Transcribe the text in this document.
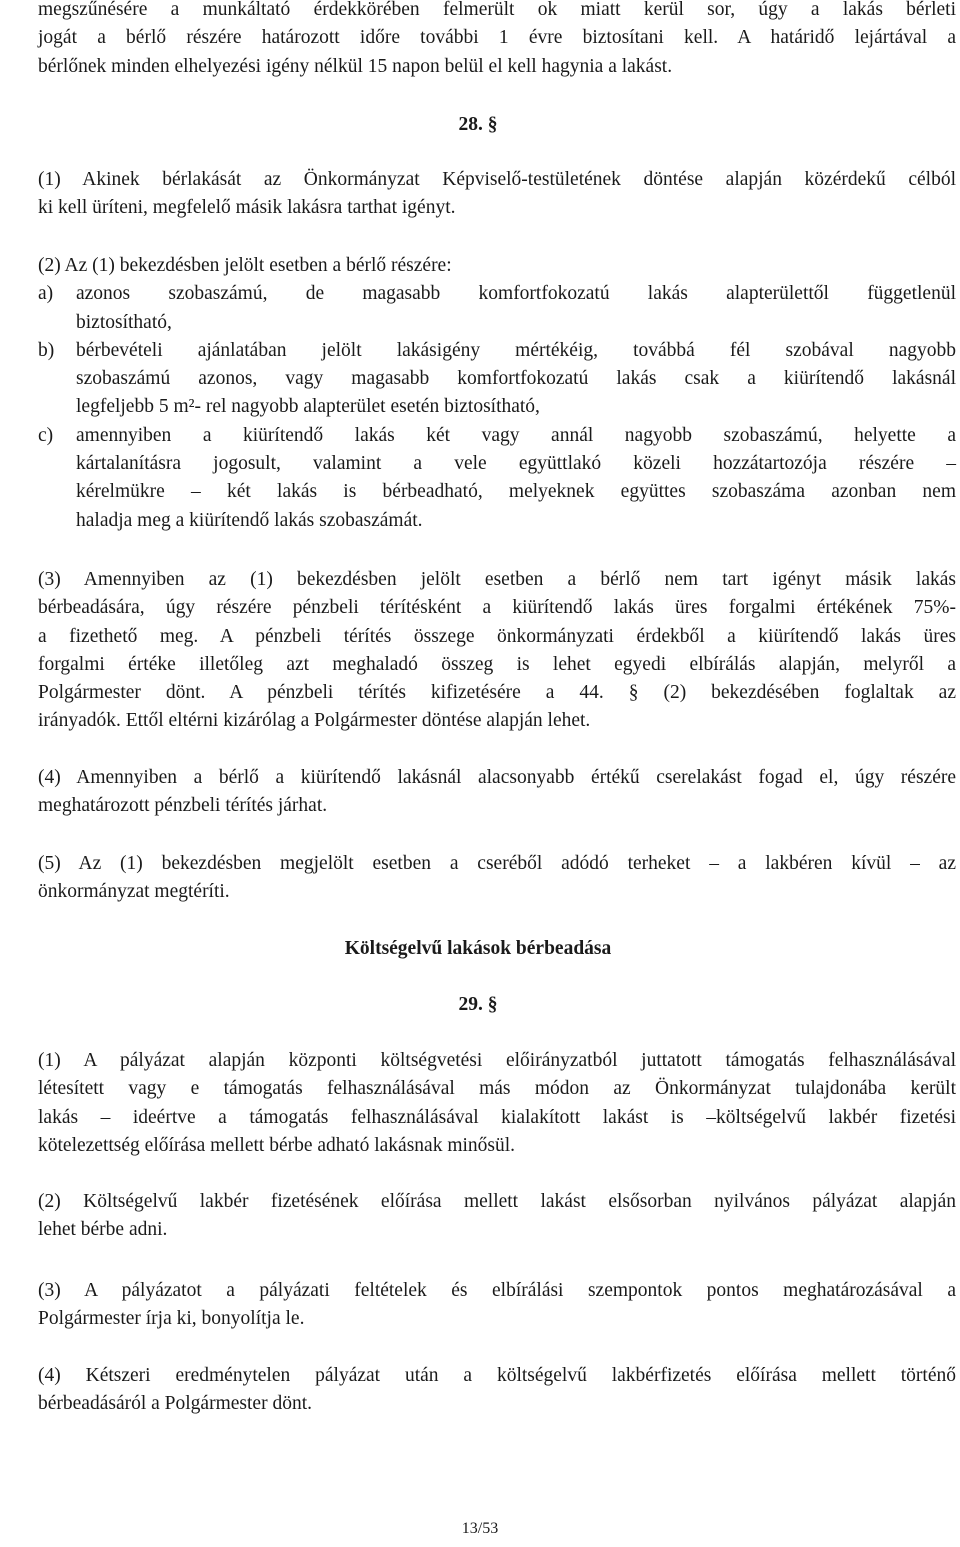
megszűnésére a munkáltató érdekkörében felmerült ok miatt kerül sor, úgy a lakás bérleti

jogát a bérlő részére határozott időre további 1 évre biztosítani kell. A határidő lejártával a

bérlőnek minden elhelyezési igény nélkül 15 napon belül el kell hagynia a lakást.

28. §

(1) Akinek bérlakását az Önkormányzat Képviselő-testületének döntése alapján közérdekű célból

ki kell üríteni, megfelelő másik lakásra tarthat igényt.

(2) Az (1) bekezdésben jelölt esetben a bérlő részére:

a)	azonos szobaszámú, de magasabb komfortfokozatú lakás alapterülettől függetlenül

biztosítható,

b)	bérbevételi ajánlatában jelölt lakásigény mértékéig, továbbá fél szobával nagyobb

szobaszámú azonos, vagy magasabb komfortfokozatú lakás csak a kiürítendő lakásnál

legfeljebb 5 m²- rel nagyobb alapterület esetén biztosítható,

c)	amennyiben a kiürítendő lakás két vagy annál nagyobb szobaszámú, helyette a

kártalanításra jogosult, valamint a vele együttlakó közeli hozzátartozója részére –

kérelmükre – két lakás is bérbeadható, melyeknek együttes szobaszáma azonban nem

haladja meg a kiürítendő lakás szobaszámát.

(3) Amennyiben az (1) bekezdésben jelölt esetben a bérlő nem tart igényt másik lakás

bérbeadására, úgy részére pénzbeli térítésként a kiürítendő lakás üres forgalmi értékének 75%-

a fizethető meg. A pénzbeli térítés összege önkormányzati érdekből a kiürítendő lakás üres

forgalmi értéke illetőleg azt meghaladó összeg is lehet egyedi elbírálás alapján, melyről a

Polgármester dönt. A pénzbeli térítés kifizetésére a 44. § (2) bekezdésében foglaltak az

irányadók. Ettől eltérni kizárólag a Polgármester döntése alapján lehet.

(4) Amennyiben a bérlő a kiürítendő lakásnál alacsonyabb értékű cserelakást fogad el, úgy részére

meghatározott pénzbeli térítés járhat.

(5) Az (1) bekezdésben megjelölt esetben a cseréből adódó terheket – a lakbéren kívül – az

önkormányzat megtéríti.

Költségelvű lakások bérbeadása

29. §

(1) A pályázat alapján központi költségvetési előirányzatból juttatott támogatás felhasználásával

létesített vagy e támogatás felhasználásával más módon az Önkormányzat tulajdonába került

lakás – ideértve a támogatás felhasználásával kialakított lakást is –költségelvű lakbér fizetési

kötelezettség előírása mellett bérbe adható lakásnak minősül.

(2) Költségelvű lakbér fizetésének előírása mellett lakást elsősorban nyilvános pályázat alapján

lehet bérbe adni.

(3) A pályázatot a pályázati feltételek és elbírálási szempontok pontos meghatározásával a

Polgármester írja ki, bonyolítja le.

(4) Kétszeri eredménytelen pályázat után a költségelvű lakbérfizetés előírása mellett történő

bérbeadásáról a Polgármester dönt.

13/53
